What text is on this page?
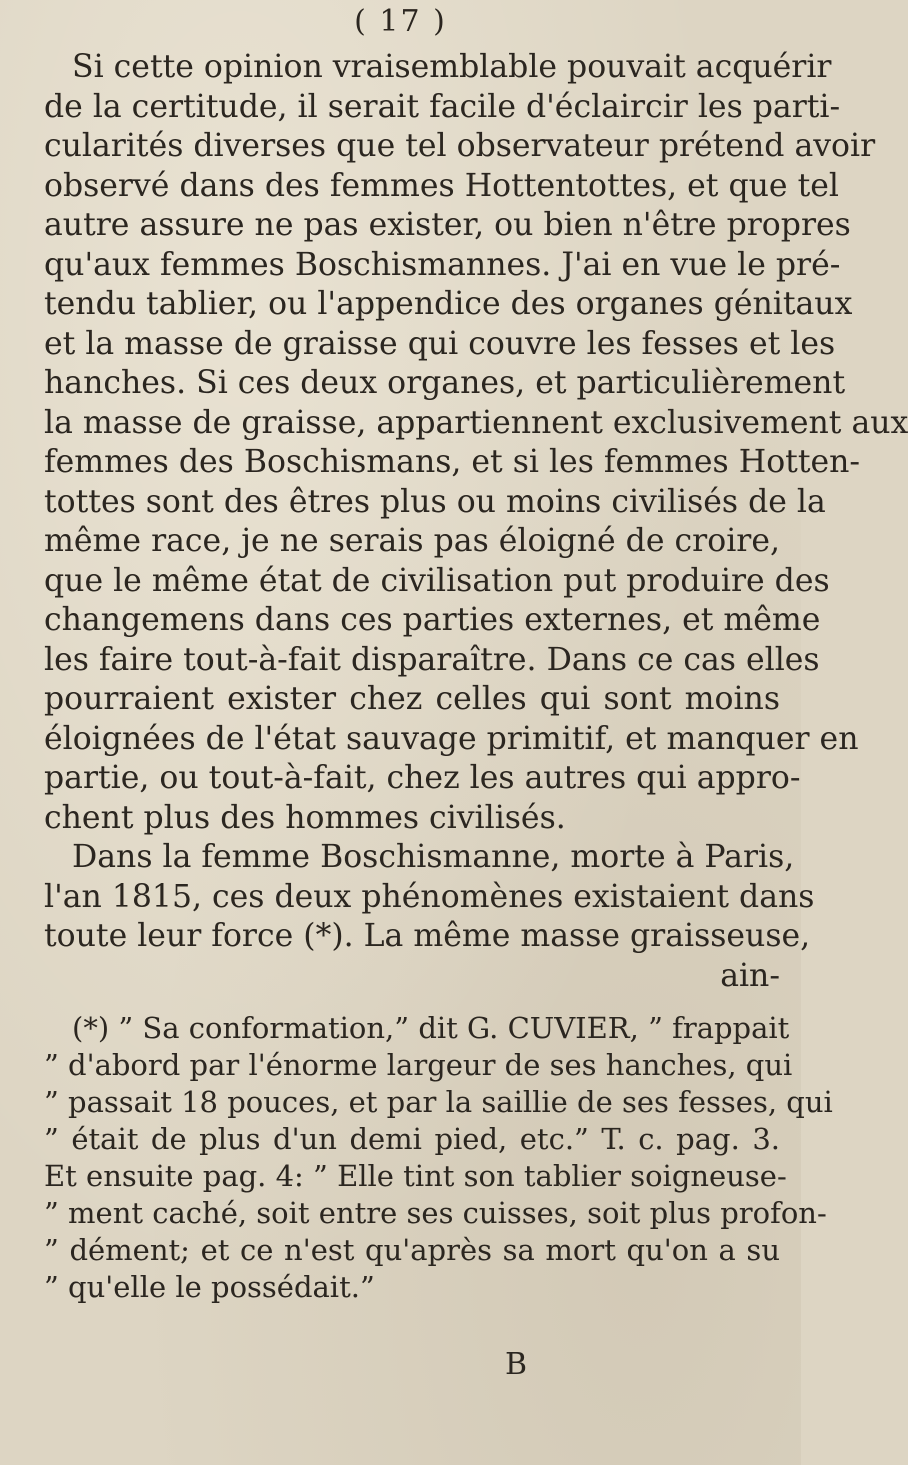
( 17 )
Si cette opinion vraisemblable pouvait acquérir
de la certitude, il serait facile d'éclaircir les parti-
cularités diverses que tel observateur prétend avoir
observé dans des femmes Hottentottes, et que tel
autre assure ne pas exister, ou bien n'être propres
qu'aux femmes Boschismannes. J'ai en vue le pré-
tendu tablier, ou l'appendice des organes génitaux
et la masse de graisse qui couvre les fesses et les
hanches. Si ces deux organes, et particulièrement
la masse de graisse, appartiennent exclusivement aux
femmes des Boschismans, et si les femmes Hotten-
tottes sont des êtres plus ou moins civilisés de la
même race, je ne serais pas éloigné de croire,
que le même état de civilisation put produire des
changemens dans ces parties externes, et même
les faire tout-à-fait disparaître. Dans ce cas elles
pourraient exister chez celles qui sont moins
éloignées de l'état sauvage primitif, et manquer en
partie, ou tout-à-fait, chez les autres qui appro-
chent plus des hommes civilisés.
Dans la femme Boschismanne, morte à Paris,
l'an 1815, ces deux phénomènes existaient dans
toute leur force (*). La même masse graisseuse,
ain-
(*) ” Sa conformation,” dit G. CUVIER, ” frappait
” d'abord par l'énorme largeur de ses hanches, qui
” passait 18 pouces, et par la saillie de ses fesses, qui
” était de plus d'un demi pied, etc.” T. c. pag. 3.
Et ensuite pag. 4: ” Elle tint son tablier soigneuse-
” ment caché, soit entre ses cuisses, soit plus profon-
” dément; et ce n'est qu'après sa mort qu'on a su
” qu'elle le possédait.”
B
